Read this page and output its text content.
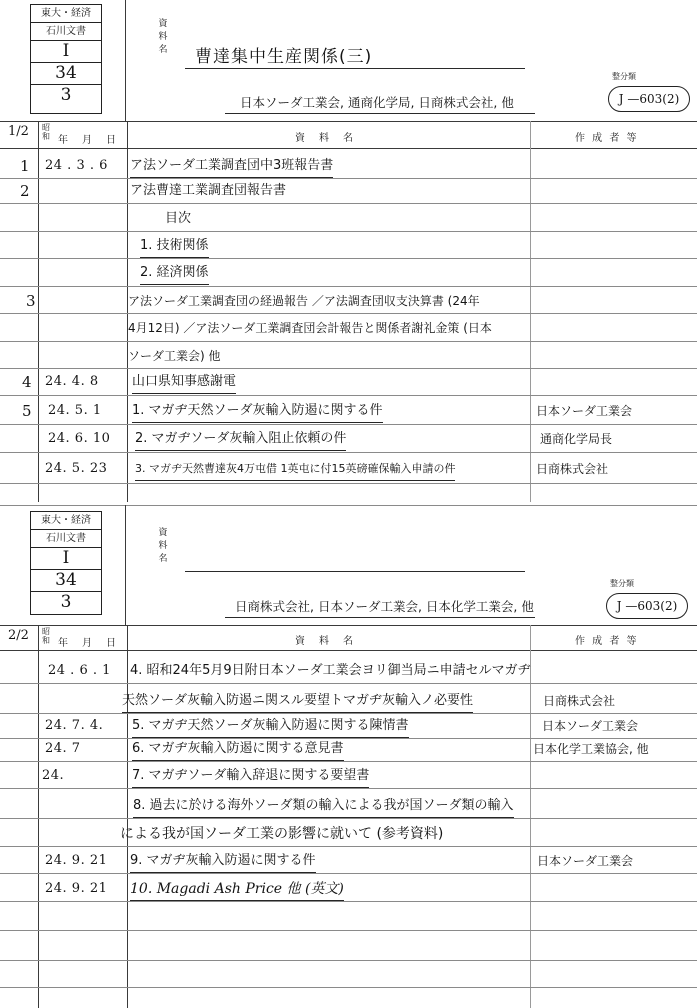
東大・経済
石川文書
I
34
3
資
料
名 曹達集中生産関係(三)
日本ソーダ工業会, 通商化学局, 日商株式会社, 他
整分類
J —603(2)
1/2 昭
和 年　月　日	資　料　名	作 成 者 等
1 24 . 3 . 6 ア法ソーダ工業調査団中3班報告書
2	ア法曹達工業調査団報告書
目次
1. 技術関係
2. 経済関係
3	ア法ソーダ工業調査団の経過報告 ／ア法調査団収支決算書 (24年
4月12日) ／ア法ソーダ工業調査団会計報告と関係者謝礼金策 (日本
ソーダ工業会) 他
4 24. 4. 8	山口県知事感謝電
5 24. 5. 1 1. マガヂ天然ソーダ灰輸入防遏に関する件	日本ソーダ工業会
24. 6. 10 2. マガヂソーダ灰輸入阻止依頼の件	通商化学局長
24. 5. 23	3. マガヂ天然曹達灰4万屯借 1英屯に付15英磅確保輸入申請の件	日商株式会社
東大・経済
石川文書
I
34
3
資
料
名
日商株式会社, 日本ソーダ工業会, 日本化学工業会, 他
整分類
J —603(2)
2/2 昭
和 年　月　日	資　料　名	作 成 者 等
24 . 6 . 1 4. 昭和24年5月9日附日本ソーダ工業会ヨリ御当局ニ申請セルマガヂ
天然ソーダ灰輸入防遏ニ関スル要望トマガヂ灰輸入ノ必要性	日商株式会社
24. 7. 4. 5. マガヂ天然ソーダ灰輸入防遏に関する陳情書	日本ソーダ工業会
24. 7	6. マガヂ灰輸入防遏に関する意見書	日本化学工業協会, 他
24.	7. マガヂソーダ輸入辞退に関する要望書
8. 過去に於ける海外ソーダ類の輸入による我が国ソーダ類の輸入
による我が国ソーダ工業の影響に就いて (参考資料)
24. 9. 21 9. マガヂ灰輸入防遏に関する件	日本ソーダ工業会
24. 9. 21 10. Magadi Ash Price 他 (英文)
